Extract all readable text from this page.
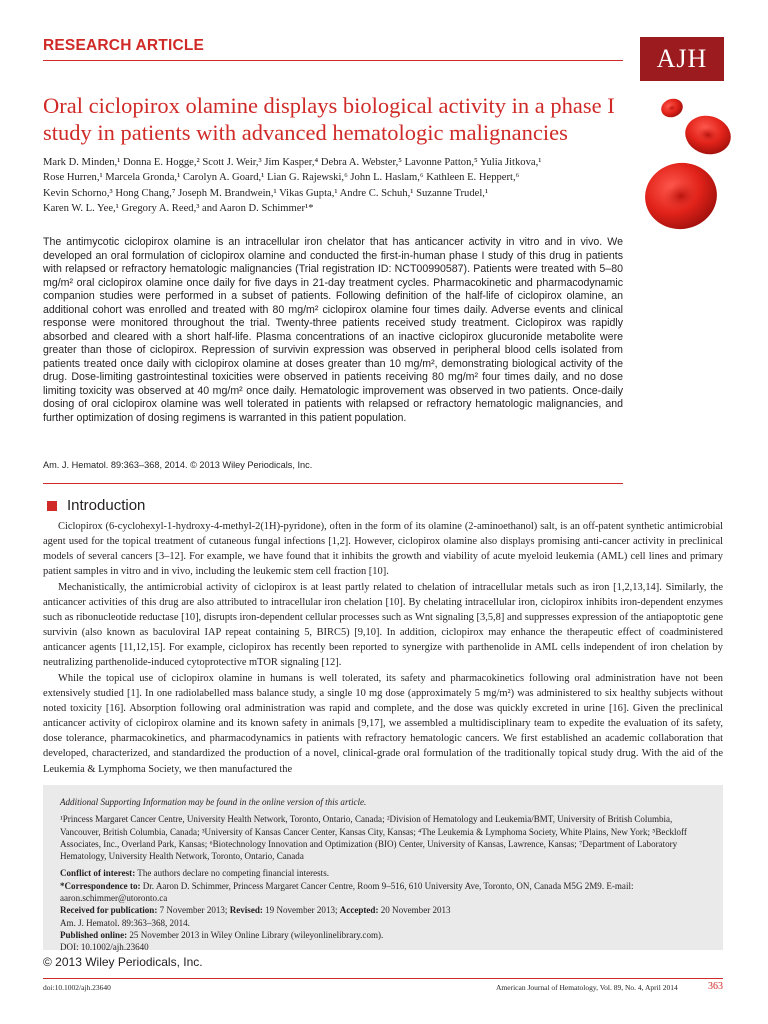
RESEARCH ARTICLE	AJH
Oral ciclopirox olamine displays biological activity in a phase I study in patients with advanced hematologic malignancies
Mark D. Minden,¹ Donna E. Hogge,² Scott J. Weir,³ Jim Kasper,⁴ Debra A. Webster,⁵ Lavonne Patton,⁵ Yulia Jitkova,¹
Rose Hurren,¹ Marcela Gronda,¹ Carolyn A. Goard,¹ Lian G. Rajewski,⁶ John L. Haslam,⁶ Kathleen E. Heppert,⁶
Kevin Schorno,³ Hong Chang,⁷ Joseph M. Brandwein,¹ Vikas Gupta,¹ Andre C. Schuh,¹ Suzanne Trudel,¹
Karen W. L. Yee,¹ Gregory A. Reed,³ and Aaron D. Schimmer¹*

The antimycotic ciclopirox olamine is an intracellular iron chelator that has anticancer activity in vitro and in vivo. We developed an oral formulation of ciclopirox olamine and conducted the first-in-human phase I study of this drug in patients with relapsed or refractory hematologic malignancies (Trial registration ID: NCT00990587). Patients were treated with 5–80 mg/m² oral ciclopirox olamine once daily for five days in 21-day treatment cycles. Pharmacokinetic and pharmacodynamic companion studies were performed in a subset of patients. Following definition of the half-life of ciclopirox olamine, an additional cohort was enrolled and treated with 80 mg/m² ciclopirox olamine four times daily. Adverse events and clinical response were monitored throughout the trial. Twenty-three patients received study treatment. Ciclopirox was rapidly absorbed and cleared with a short half-life. Plasma concentrations of an inactive ciclopirox glucuronide metabolite were greater than those of ciclopirox. Repression of survivin expression was observed in peripheral blood cells isolated from patients treated once daily with ciclopirox olamine at doses greater than 10 mg/m², demonstrating biological activity of the drug. Dose-limiting gastrointestinal toxicities were observed in patients receiving 80 mg/m² four times daily, and no dose limiting toxicity was observed at 40 mg/m² once daily. Hematologic improvement was observed in two patients. Once-daily dosing of oral ciclopirox olamine was well tolerated in patients with relapsed or refractory hematologic malignancies, and further optimization of dosing regimens is warranted in this patient population.

Am. J. Hematol. 89:363–368, 2014. © 2013 Wiley Periodicals, Inc.

Introduction

Ciclopirox (6-cyclohexyl-1-hydroxy-4-methyl-2(1H)-pyridone), often in the form of its olamine (2-aminoethanol) salt, is an off-patent synthetic antimicrobial agent used for the topical treatment of cutaneous fungal infections [1,2]. However, ciclopirox olamine also displays promising anti-cancer activity in preclinical models of several cancers [3–12]. For example, we have found that it inhibits the growth and viability of acute myeloid leukemia (AML) cell lines and primary patient samples in vitro and in vivo, including the leukemic stem cell fraction [10].

Mechanistically, the antimicrobial activity of ciclopirox is at least partly related to chelation of intracellular metals such as iron [1,2,13,14]. Similarly, the anticancer activities of this drug are also attributed to intracellular iron chelation [10]. By chelating intracellular iron, ciclopirox inhibits iron-dependent enzymes such as ribonucleotide reductase [10], disrupts iron-dependent cellular processes such as Wnt signaling [3,5,8] and suppresses expression of the antiapoptotic gene survivin (also known as baculoviral IAP repeat containing 5, BIRC5) [9,10]. In addition, ciclopirox may enhance the therapeutic effect of coadministered anticancer agents [11,12,15]. For example, ciclopirox has recently been reported to synergize with parthenolide in AML cells independent of iron chelation by neutralizing parthenolide-induced cytoprotective mTOR signaling [12].

While the topical use of ciclopirox olamine in humans is well tolerated, its safety and pharmacokinetics following oral administration have not been extensively studied [1]. In one radiolabelled mass balance study, a single 10 mg dose (approximately 5 mg/m²) was administered to six healthy subjects without noted toxicity [16]. Absorption following oral administration was rapid and complete, and the dose was quickly excreted in urine [16]. Given the preclinical anticancer activity of ciclopirox olamine and its known safety in animals [9,17], we assembled a multidisciplinary team to expedite the evaluation of its safety, dose tolerance, pharmacokinetics, and pharmacodynamics in patients with refractory hematologic cancers. We first established an academic collaboration that developed, characterized, and standardized the production of a novel, clinical-grade oral formulation of the traditionally topical study drug. With the aid of the Leukemia & Lymphoma Society, we then manufactured the

Additional Supporting Information may be found in the online version of this article.

¹Princess Margaret Cancer Centre, University Health Network, Toronto, Ontario, Canada; ²Division of Hematology and Leukemia/BMT, University of British Columbia, Vancouver, British Columbia, Canada; ³University of Kansas Cancer Center, Kansas City, Kansas; ⁴The Leukemia & Lymphoma Society, White Plains, New York; ⁵Beckloff Associates, Inc., Overland Park, Kansas; ⁶Biotechnology Innovation and Optimization (BIO) Center, University of Kansas, Lawrence, Kansas; ⁷Department of Laboratory Hematology, University Health Network, Toronto, Ontario, Canada

Conflict of interest: The authors declare no competing financial interests.

*Correspondence to: Dr. Aaron D. Schimmer, Princess Margaret Cancer Centre, Room 9–516, 610 University Ave, Toronto, ON, Canada M5G 2M9. E-mail: aaron.schimmer@utoronto.ca

Received for publication: 7 November 2013; Revised: 19 November 2013; Accepted: 20 November 2013

Am. J. Hematol. 89:363–368, 2014.

Published online: 25 November 2013 in Wiley Online Library (wileyonlinelibrary.com).

DOI: 10.1002/ajh.23640

© 2013 Wiley Periodicals, Inc.
doi:10.1002/ajh.23640	American Journal of Hematology, Vol. 89, No. 4, April 2014	363
